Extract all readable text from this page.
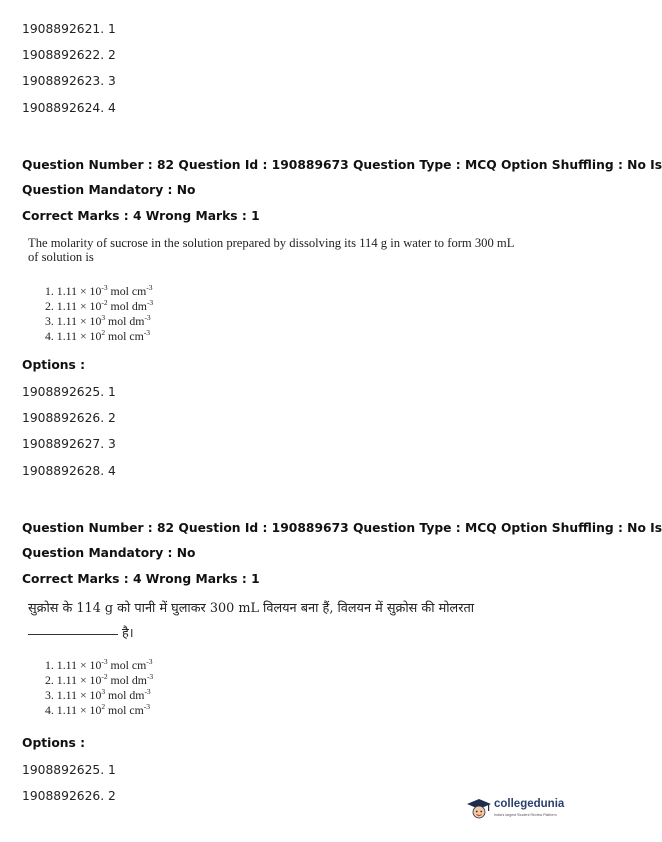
1908892621. 1
1908892622. 2
1908892623. 3
1908892624. 4
Question Number : 82 Question Id : 190889673 Question Type : MCQ Option Shuffling : No Is
Question Mandatory : No
Correct Marks : 4 Wrong Marks : 1
The molarity of sucrose in the solution prepared by dissolving its 114 g in water to form 300 mL
of solution is
1. $1.11 \times 10^{-3}$ mol $cm^{-3}$
2. $1.11 \times 10^{-2}$ mol $dm^{-3}$
3. $1.11 \times 10^3$ mol $dm^{-3}$
4. $1.11 \times 10^2$ mol $cm^{-3}$
Options :
1908892625. 1
1908892626. 2
1908892627. 3
1908892628. 4
Question Number : 82 Question Id : 190889673 Question Type : MCQ Option Shuffling : No Is
Question Mandatory : No
Correct Marks : 4 Wrong Marks : 1
सुक्रोस के 114 g को पानी में घुलाकर 300 mL विलयन बना हैं, विलयन में सुक्रोस की मोलरता
है।
1. $1.11 \times 10^{-3}$ mol $cm^{-3}$
2. $1.11 \times 10^{-2}$ mol $dm^{-3}$
3. $1.11 \times 10^3$ mol $dm^{-3}$
4. $1.11 \times 10^2$ mol $cm^{-3}$
Options :
1908892625. 1
1908892626. 2
collegedunia
India's largest Student Review Platform
